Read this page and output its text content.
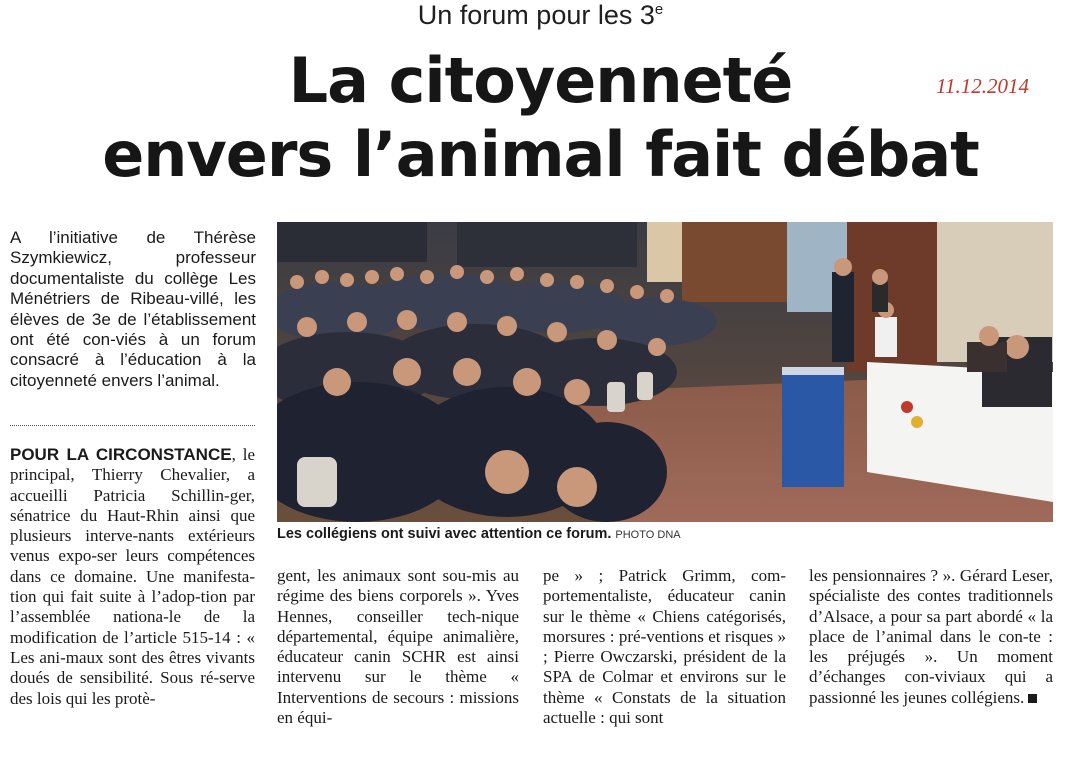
Un forum pour les 3e
La citoyenneté
envers l’animal fait débat
11.12.2014

A l’initiative de Thérèse Szymkiewicz, professeur documentaliste du collège Les Ménétriers de Ribeau-villé, les élèves de 3e de l’établissement ont été con-viés à un forum consacré à l’éducation à la citoyenneté envers l’animal.

Les collégiens ont suivi avec attention ce forum. PHOTO DNA

POUR LA CIRCONSTANCE, le principal, Thierry Chevalier, a accueilli Patricia Schillin-ger, sénatrice du Haut-Rhin ainsi que plusieurs interve-nants extérieurs venus expo-ser leurs compétences dans ce domaine. Une manifesta-tion qui fait suite à l’adop-tion par l’assemblée nationa-le de la modification de l’article 515-14 : « Les ani-maux sont des êtres vivants doués de sensibilité. Sous ré-serve des lois qui les protè-

gent, les animaux sont sou-mis au régime des biens corporels ». Yves Hennes, conseiller tech-nique départemental, équipe animalière, éducateur canin SCHR est ainsi intervenu sur le thème « Interventions de secours : missions en équi-

pe » ; Patrick Grimm, com-portementaliste, éducateur canin sur le thème « Chiens catégorisés, morsures : pré-ventions et risques » ; Pierre Owczarski, président de la SPA de Colmar et environs sur le thème « Constats de la situation actuelle : qui sont

les pensionnaires ? ». Gérard Leser, spécialiste des contes traditionnels d’Alsace, a pour sa part abordé « la place de l’animal dans le con-te : les préjugés ». Un moment d’échanges con-viviaux qui a passionné les jeunes collégiens.
